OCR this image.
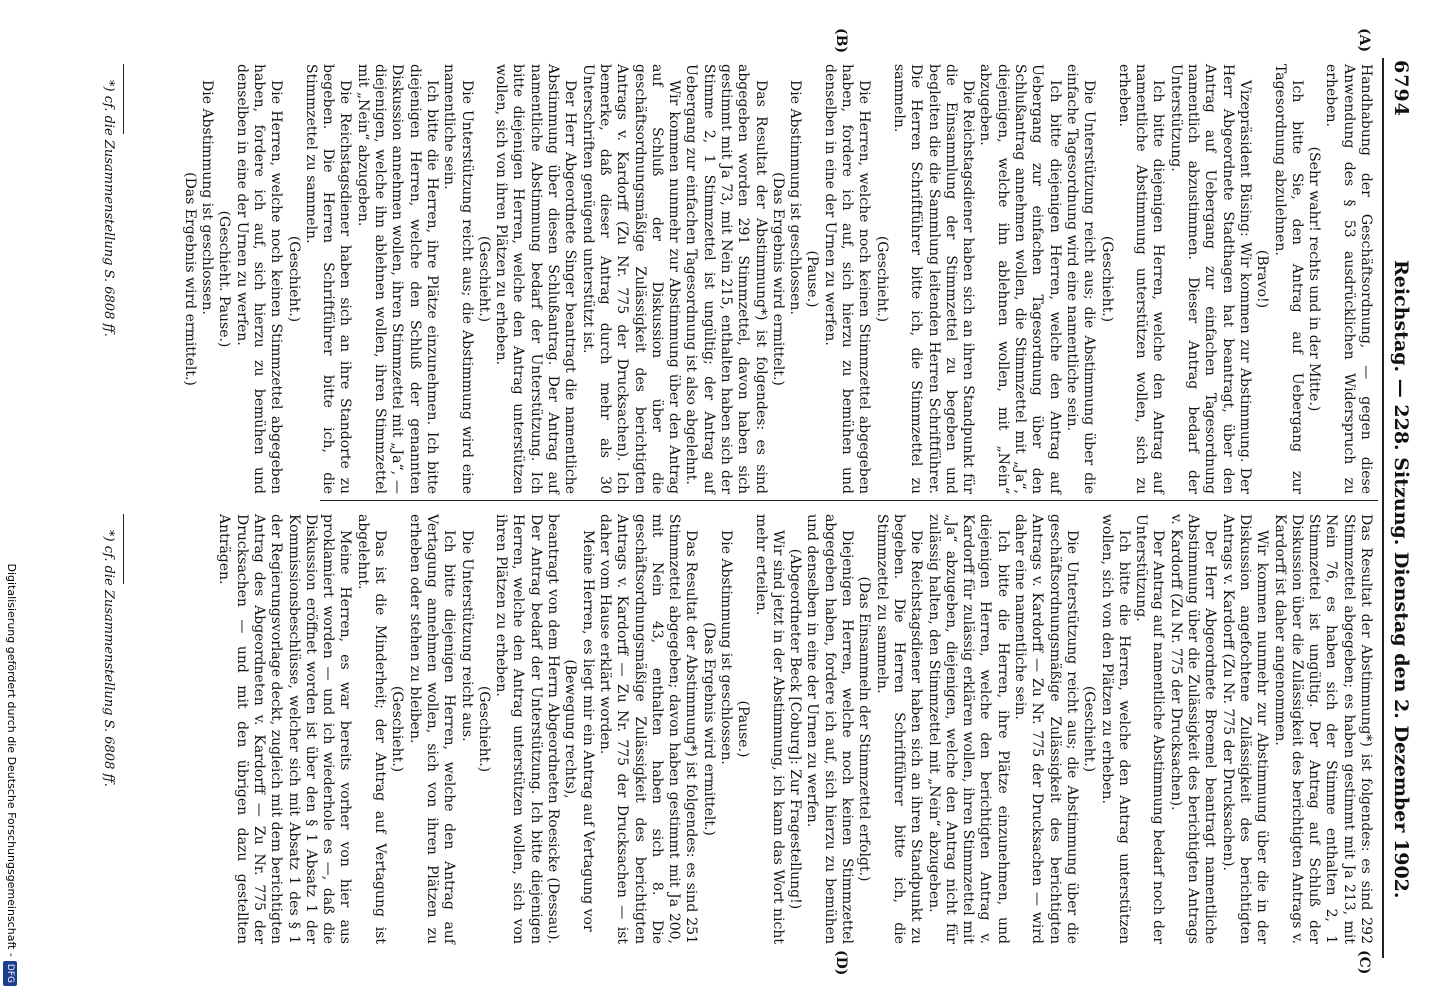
6794
Reichstag. — 228. Sitzung. Dienstag den 2. Dezember 1902.
(A)
(B)
(C)
(D)

Handhabung der Geschäftsordnung, — gegen diese Anwendung des § 53 ausdrücklichen Widerspruch zu erheben.

(Sehr wahr! rechts und in der Mitte.)

Ich bitte Sie, den Antrag auf Uebergang zur Tagesordnung abzulehnen.

(Bravo!)

Vizepräsident Büsing: Wir kommen zur Abstimmung. Der Herr Abgeordnete Stadthagen hat beantragt, über den Antrag auf Uebergang zur einfachen Tagesordnung namentlich abzustimmen. Dieser Antrag bedarf der Unterstützung.

Ich bitte diejenigen Herren, welche den Antrag auf namentliche Abstimmung unterstützen wollen, sich zu erheben.

(Geschieht.)

Die Unterstützung reicht aus; die Abstimmung über die einfache Tagesordnung wird eine namentliche sein.

Ich bitte diejenigen Herren, welche den Antrag auf Uebergang zur einfachen Tagesordnung über den Schlußantrag annehmen wollen, die Stimmzettel mit „Ja“, diejenigen, welche ihn ablehnen wollen, mit „Nein“ abzugeben.

Die Reichstagsdiener haben sich an ihren Standpunkt für die Einsammlung der Stimmzettel zu begeben und begleiten die die Sammlung leitenden Herren Schriftführer. Die Herren Schriftführer bitte ich, die Stimmzettel zu sammeln.

(Geschieht.)

Die Herren, welche noch keinen Stimmzettel abgegeben haben, fordere ich auf, sich hierzu zu bemühen und denselben in eine der Urnen zu werfen.

(Pause.)

Die Abstimmung ist geschlossen.

(Das Ergebnis wird ermittelt.)

Das Resultat der Abstimmung*) ist folgendes: es sind abgegeben worden 291 Stimmzettel, davon haben sich gestimmt mit Ja 73, mit Nein 215, enthalten haben sich der Stimme 2, 1 Stimmzettel ist ungültig; der Antrag auf Uebergang zur einfachen Tagesordnung ist also abgelehnt.

Wir kommen nunmehr zur Abstimmung über den Antrag auf Schluß der Diskussion über die geschäftsordnungsmäßige Zulässigkeit des berichtigten Antrags v. Kardorff (Zu Nr. 775 der Drucksachen). Ich bemerke, daß dieser Antrag durch mehr als 30 Unterschriften genügend unterstützt ist.

Der Herr Abgeordnete Singer beantragt die namentliche Abstimmung über diesen Schlußantrag. Der Antrag auf namentliche Abstimmung bedarf der Unterstützung. Ich bitte diejenigen Herren, welche den Antrag unterstützen wollen, sich von ihren Plätzen zu erheben.

(Geschieht.)

Die Unterstützung reicht aus; die Abstimmung wird eine namentliche sein.

Ich bitte die Herren, ihre Plätze einzunehmen. Ich bitte diejenigen Herren, welche den Schluß der genannten Diskussion annehmen wollen, ihren Stimmzettel mit „Ja“, — diejenigen, welche ihn ablehnen wollen, ihren Stimmzettel mit „Nein“ abzugeben.

Die Reichstagsdiener haben sich an ihre Standorte zu begeben. Die Herren Schriftführer bitte ich, die Stimmzettel zu sammeln.

(Geschieht.)

Die Herren, welche noch keinen Stimmzettel abgegeben haben, fordere ich auf, sich hierzu zu bemühen und denselben in eine der Urnen zu werfen.

(Geschieht. Pause.)

Die Abstimmung ist geschlossen.

(Das Ergebnis wird ermittelt.)

Das Resultat der Abstimmung*) ist folgendes: es sind 292 Stimmzettel abgegeben; es haben gestimmt mit Ja 213, mit Nein 76, es haben sich der Stimme enthalten 2, 1 Stimmzettel ist ungültig. Der Antrag auf Schluß der Diskussion über die Zulässigkeit des berichtigten Antrags v. Kardorff ist daher angenommen.

Wir kommen nunmehr zur Abstimmung über die in der Diskussion angefochtene Zulässigkeit des berichtigten Antrags v. Kardorff (Zu Nr. 775 der Drucksachen).

Der Herr Abgeordnete Broemel beantragt namentliche Abstimmung über die Zulässigkeit des berichtigten Antrags v. Kardorff (Zu Nr. 775 der Drucksachen).

Der Antrag auf namentliche Abstimmung bedarf noch der Unterstützung.

Ich bitte die Herren, welche den Antrag unterstützen wollen, sich von den Plätzen zu erheben.

(Geschieht.)

Die Unterstützung reicht aus; die Abstimmung über die geschäftsordnungsmäßige Zulässigkeit des berichtigten Antrags v. Kardorff — Zu Nr. 775 der Drucksachen — wird daher eine namentliche sein.

Ich bitte die Herren, ihre Plätze einzunehmen, und diejenigen Herren, welche den berichtigten Antrag v. Kardorff für zulässig erklären wollen, ihren Stimmzettel mit „Ja“ abzugeben, diejenigen, welche den Antrag nicht für zulässig halten, den Stimmzettel mit „Nein“ abzugeben.

Die Reichstagsdiener haben sich an ihren Standpunkt zu begeben. Die Herren Schriftführer bitte ich, die Stimmzettel zu sammeln.

(Das Einsammeln der Stimmzettel erfolgt.)

Diejenigen Herren, welche noch keinen Stimmzettel abgegeben haben, fordere ich auf, sich hierzu zu bemühen und denselben in eine der Urnen zu werfen.

(Abgeordneter Beck [Coburg]: Zur Fragestellung!)

Wir sind jetzt in der Abstimmung, ich kann das Wort nicht mehr erteilen.

(Pause.)

Die Abstimmung ist geschlossen.

(Das Ergebnis wird ermittelt.)

Das Resultat der Abstimmung*) ist folgendes: es sind 251 Stimmzettel abgegeben; davon haben gestimmt mit Ja 200, mit Nein 43, enthalten haben sich 8. Die geschäftsordnungsmäßige Zulässigkeit des berichtigten Antrags v. Kardorff — Zu Nr. 775 der Drucksachen — ist daher vom Hause erklärt worden.

Meine Herren, es liegt mir ein Antrag auf Vertagung vor

(Bewegung rechts),

beantragt von dem Herrn Abgeordneten Roesicke (Dessau). Der Antrag bedarf der Unterstützung. Ich bitte diejenigen Herren, welche den Antrag unterstützen wollen, sich von ihren Plätzen zu erheben.

(Geschieht.)

Die Unterstützung reicht aus.

Ich bitte diejenigen Herren, welche den Antrag auf Vertagung annehmen wollen, sich von ihren Plätzen zu erheben oder stehen zu bleiben.

(Geschieht.)

Das ist die Minderheit; der Antrag auf Vertagung ist abgelehnt.

Meine Herren, es war bereits vorher von hier aus proklamiert worden — und ich wiederhole es —, daß die Diskussion eröffnet worden ist über den § 1 Absatz 1 der Kommissionsbeschlüsse, welcher sich mit Absatz 1 des § 1 der Regierungsvorlage deckt, zugleich mit dem berichtigten Antrag des Abgeordneten v. Kardorff — Zu Nr. 775 der Drucksachen — und mit den übrigen dazu gestellten Anträgen.

*) cf. die Zusammenstellung S. 6808 ff.
*) cf. die Zusammenstellung S. 6808 ff.
Digitalisierung gefördert durch die Deutsche Forschungsgemeinschaft -DFG
